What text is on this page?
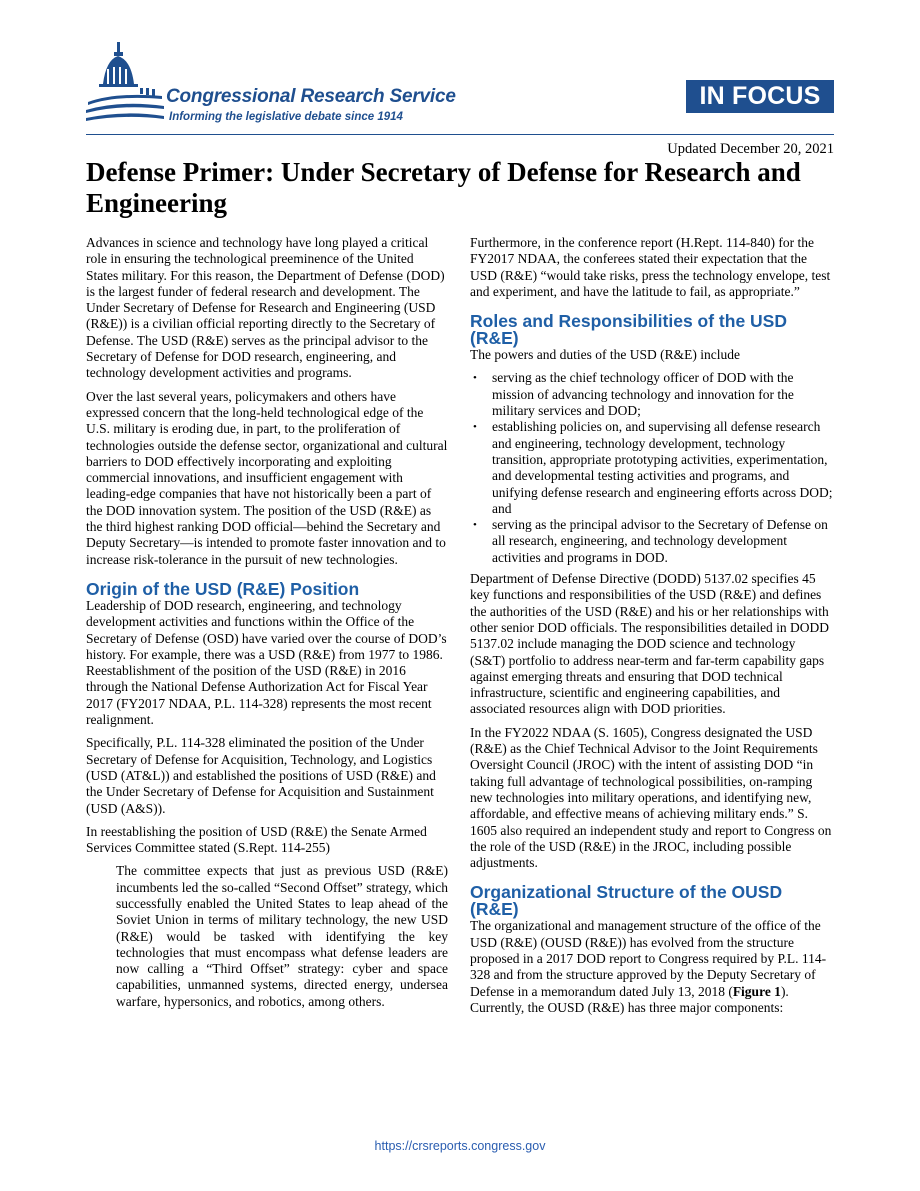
Congressional Research Service
Informing the legislative debate since 1914
IN FOCUS
Updated December 20, 2021
Defense Primer: Under Secretary of Defense for Research and Engineering

Advances in science and technology have long played a critical role in ensuring the technological preeminence of the United States military. For this reason, the Department of Defense (DOD) is the largest funder of federal research and development. The Under Secretary of Defense for Research and Engineering (USD (R&E)) is a civilian official reporting directly to the Secretary of Defense. The USD (R&E) serves as the principal advisor to the Secretary of Defense for DOD research, engineering, and technology development activities and programs.

Over the last several years, policymakers and others have expressed concern that the long-held technological edge of the U.S. military is eroding due, in part, to the proliferation of technologies outside the defense sector, organizational and cultural barriers to DOD effectively incorporating and exploiting commercial innovations, and insufficient engagement with leading-edge companies that have not historically been a part of the DOD innovation system. The position of the USD (R&E) as the third highest ranking DOD official—behind the Secretary and Deputy Secretary—is intended to promote faster innovation and to increase risk-tolerance in the pursuit of new technologies.

Origin of the USD (R&E) Position

Leadership of DOD research, engineering, and technology development activities and functions within the Office of the Secretary of Defense (OSD) have varied over the course of DOD’s history. For example, there was a USD (R&E) from 1977 to 1986. Reestablishment of the position of the USD (R&E) in 2016 through the National Defense Authorization Act for Fiscal Year 2017 (FY2017 NDAA, P.L. 114-328) represents the most recent realignment.

Specifically, P.L. 114-328 eliminated the position of the Under Secretary of Defense for Acquisition, Technology, and Logistics (USD (AT&L)) and established the positions of USD (R&E) and the Under Secretary of Defense for Acquisition and Sustainment (USD (A&S)).

In reestablishing the position of USD (R&E) the Senate Armed Services Committee stated (S.Rept. 114-255)

The committee expects that just as previous USD (R&E) incumbents led the so-called “Second Offset” strategy, which successfully enabled the United States to leap ahead of the Soviet Union in terms of military technology, the new USD (R&E) would be tasked with identifying the key technologies that must encompass what defense leaders are now calling a “Third Offset” strategy: cyber and space capabilities, unmanned systems, directed energy, undersea warfare, hypersonics, and robotics, among others.

Furthermore, in the conference report (H.Rept. 114-840) for the FY2017 NDAA, the conferees stated their expectation that the USD (R&E) “would take risks, press the technology envelope, test and experiment, and have the latitude to fail, as appropriate.”

Roles and Responsibilities of the USD (R&E)

The powers and duties of the USD (R&E) include

• serving as the chief technology officer of DOD with the mission of advancing technology and innovation for the military services and DOD;
• establishing policies on, and supervising all defense research and engineering, technology development, technology transition, appropriate prototyping activities, experimentation, and developmental testing activities and programs, and unifying defense research and engineering efforts across DOD; and
• serving as the principal advisor to the Secretary of Defense on all research, engineering, and technology development activities and programs in DOD.

Department of Defense Directive (DODD) 5137.02 specifies 45 key functions and responsibilities of the USD (R&E) and defines the authorities of the USD (R&E) and his or her relationships with other senior DOD officials. The responsibilities detailed in DODD 5137.02 include managing the DOD science and technology (S&T) portfolio to address near-term and far-term capability gaps against emerging threats and ensuring that DOD technical infrastructure, scientific and engineering capabilities, and associated resources align with DOD priorities.

In the FY2022 NDAA (S. 1605), Congress designated the USD (R&E) as the Chief Technical Advisor to the Joint Requirements Oversight Council (JROC) with the intent of assisting DOD “in taking full advantage of technological possibilities, on-ramping new technologies into military operations, and identifying new, affordable, and effective means of achieving military ends.” S. 1605 also required an independent study and report to Congress on the role of the USD (R&E) in the JROC, including possible adjustments.

Organizational Structure of the OUSD (R&E)

The organizational and management structure of the office of the USD (R&E) (OUSD (R&E)) has evolved from the structure proposed in a 2017 DOD report to Congress required by P.L. 114-328 and from the structure approved by the Deputy Secretary of Defense in a memorandum dated July 13, 2018 (Figure 1). Currently, the OUSD (R&E) has three major components:

https://crsreports.congress.gov
